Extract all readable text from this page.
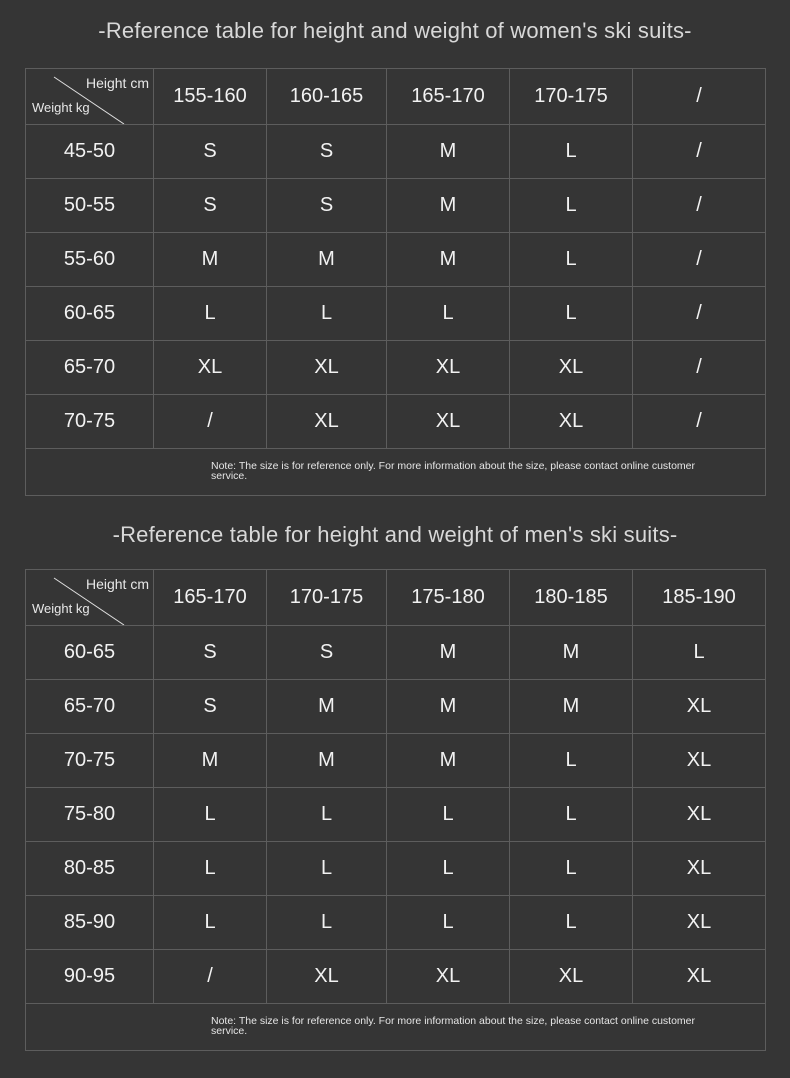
-Reference table for height and weight of women's ski suits-
Height cm
Weight kg
155-160	160-165	165-170	170-175	/
45-50	S	S	M	L	/
50-55	S	S	M	L	/
55-60	M	M	M	L	/
60-65	L	L	L	L	/
65-70	XL	XL	XL	XL	/
70-75	/	XL	XL	XL	/
Note: The size is for reference only. For more information about the size, please contact online customer service.
-Reference table for height and weight of men's ski suits-
Height cm
Weight kg
165-170	170-175	175-180	180-185	185-190
60-65	S	S	M	M	L
65-70	S	M	M	M	XL
70-75	M	M	M	L	XL
75-80	L	L	L	L	XL
80-85	L	L	L	L	XL
85-90	L	L	L	L	XL
90-95	/	XL	XL	XL	XL
Note: The size is for reference only. For more information about the size, please contact online customer service.
